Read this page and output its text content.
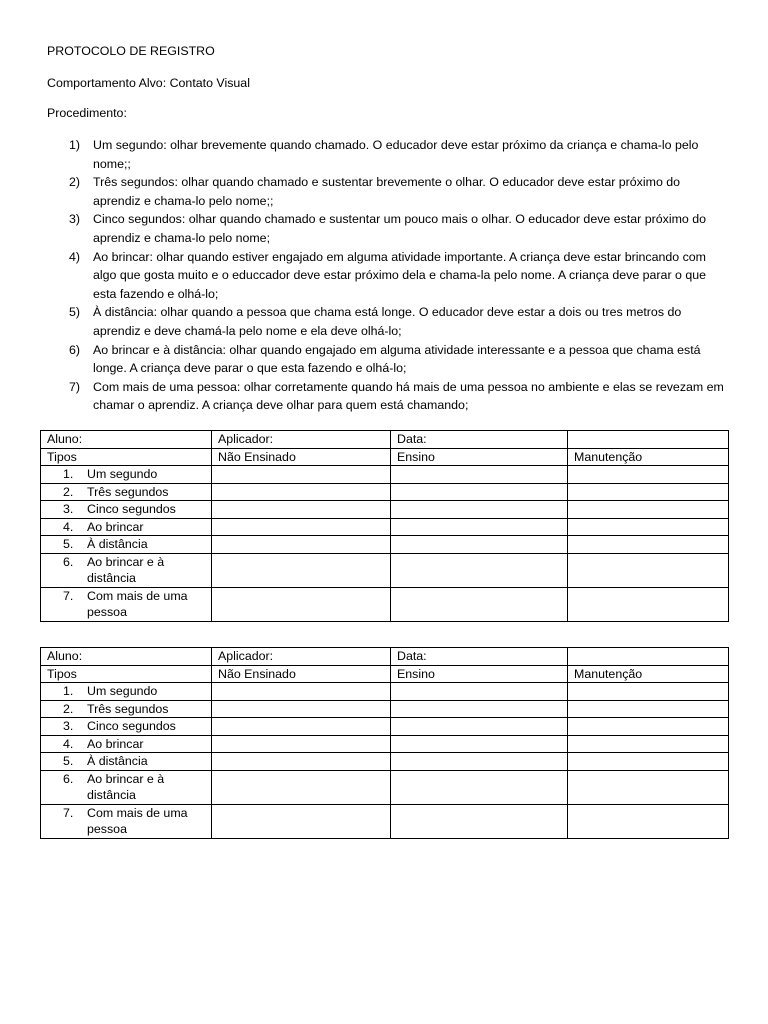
PROTOCOLO DE REGISTRO
Comportamento Alvo: Contato Visual
Procedimento:
1) Um segundo: olhar brevemente quando chamado. O educador deve estar próximo da criança e chama-lo pelo nome;;
2) Três segundos: olhar quando chamado e sustentar brevemente o olhar. O educador deve estar próximo do aprendiz e chama-lo pelo nome;;
3) Cinco segundos: olhar quando chamado e sustentar um pouco mais o olhar. O educador deve estar próximo do aprendiz e chama-lo pelo nome;
4) Ao brincar: olhar quando estiver engajado em alguma atividade importante. A criança deve estar brincando com algo que gosta muito e o educcador deve estar próximo dela e chama-la pelo nome. A criança deve parar o que esta fazendo e olhá-lo;
5) À distância: olhar quando a pessoa que chama está longe. O educador deve estar a dois ou tres metros do aprendiz e deve chamá-la pelo nome e ela deve olhá-lo;
6) Ao brincar e à distância: olhar quando engajado em alguma atividade interessante e a pessoa que chama está longe. A criança deve parar o que esta fazendo e olhá-lo;
7) Com mais de uma pessoa: olhar corretamente quando há mais de uma pessoa no ambiente e elas se revezam em chamar o aprendiz. A criança deve olhar para quem está chamando;
Aluno:	Aplicador:	Data:	
Tipos	Não Ensinado	Ensino	Manutenção

1. Um segundo			

2. Três segundos			

3. Cinco segundos			

4. Ao brincar			

5. À distância			

6. Ao brincar e à distância			

7. Com mais de uma pessoa			
Aluno:	Aplicador:	Data:	
Tipos	Não Ensinado	Ensino	Manutenção

1. Um segundo			

2. Três segundos			

3. Cinco segundos			

4. Ao brincar			

5. À distância			

6. Ao brincar e à distância			

7. Com mais de uma pessoa			
